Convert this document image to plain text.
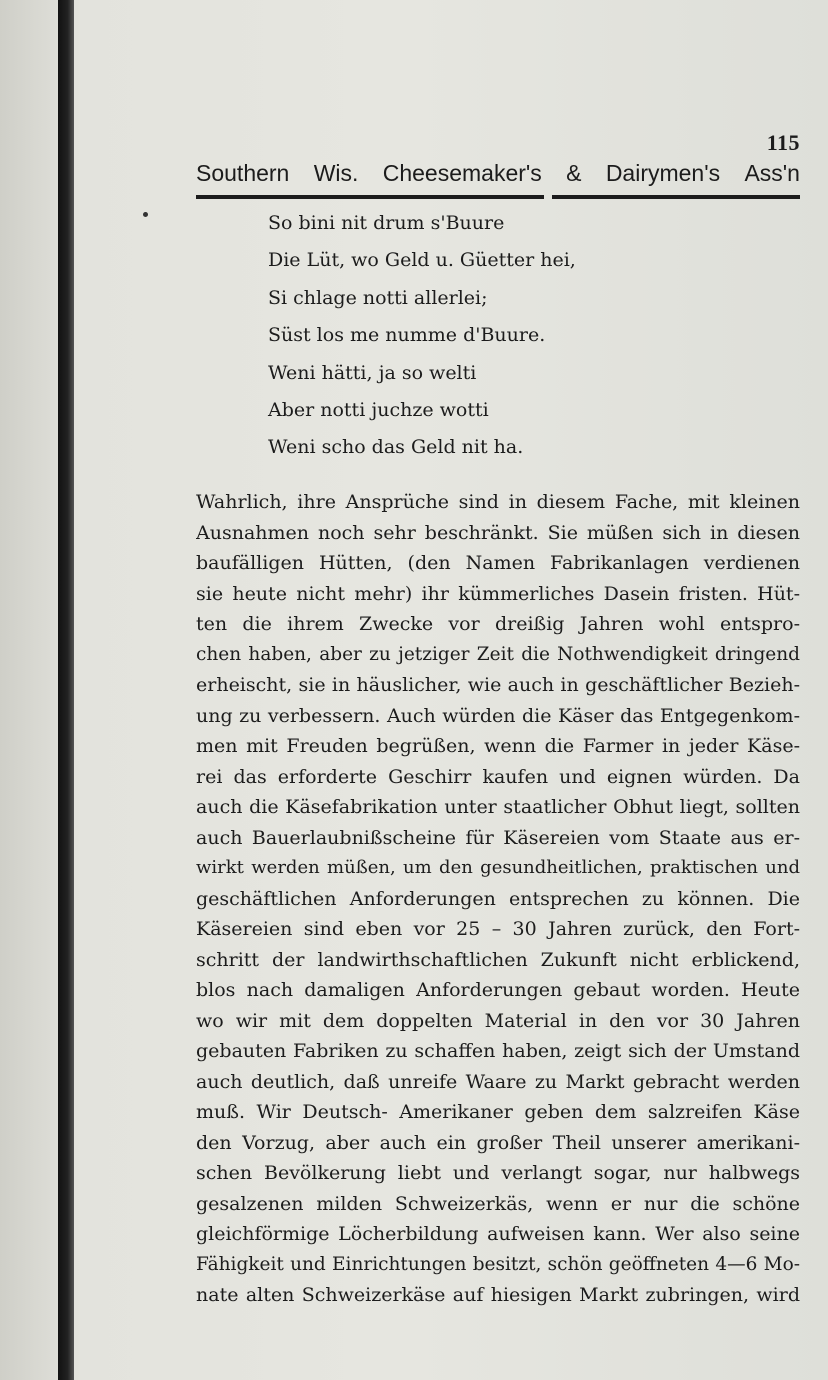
115
Southern Wis. Cheesemaker's & Dairymen's Ass'n
So bini nit drum s'Buure
Die Lüt, wo Geld u. Güetter hei,
Si chlage notti allerlei;
Süst los me numme d'Buure.
Weni hätti, ja so welti
Aber notti juchze wotti
Weni scho das Geld nit ha.
Wahrlich, ihre Ansprüche sind in diesem Fache, mit kleinen
Ausnahmen noch sehr beschränkt. Sie müßen sich in diesen
baufälligen Hütten, (den Namen Fabrikanlagen verdienen
sie heute nicht mehr) ihr kümmerliches Dasein fristen. Hüt-
ten die ihrem Zwecke vor dreißig Jahren wohl entspro-
chen haben, aber zu jetziger Zeit die Nothwendigkeit dringend
erheischt, sie in häuslicher, wie auch in geschäftlicher Bezieh-
ung zu verbessern. Auch würden die Käser das Entgegenkom-
men mit Freuden begrüßen, wenn die Farmer in jeder Käse-
rei das erforderte Geschirr kaufen und eignen würden. Da
auch die Käsefabrikation unter staatlicher Obhut liegt, sollten
auch Bauerlaubnißscheine für Käsereien vom Staate aus er-
wirkt werden müßen, um den gesundheitlichen, praktischen und
geschäftlichen Anforderungen entsprechen zu können. Die
Käsereien sind eben vor 25 – 30 Jahren zurück, den Fort-
schritt der landwirthschaftlichen Zukunft nicht erblickend,
blos nach damaligen Anforderungen gebaut worden. Heute
wo wir mit dem doppelten Material in den vor 30 Jahren
gebauten Fabriken zu schaffen haben, zeigt sich der Umstand
auch deutlich, daß unreife Waare zu Markt gebracht werden
muß. Wir Deutsch- Amerikaner geben dem salzreifen Käse
den Vorzug, aber auch ein großer Theil unserer amerikani-
schen Bevölkerung liebt und verlangt sogar, nur halbwegs
gesalzenen milden Schweizerkäs, wenn er nur die schöne
gleichförmige Löcherbildung aufweisen kann. Wer also seine
Fähigkeit und Einrichtungen besitzt, schön geöffneten 4—6 Mo-
nate alten Schweizerkäse auf hiesigen Markt zubringen, wird
